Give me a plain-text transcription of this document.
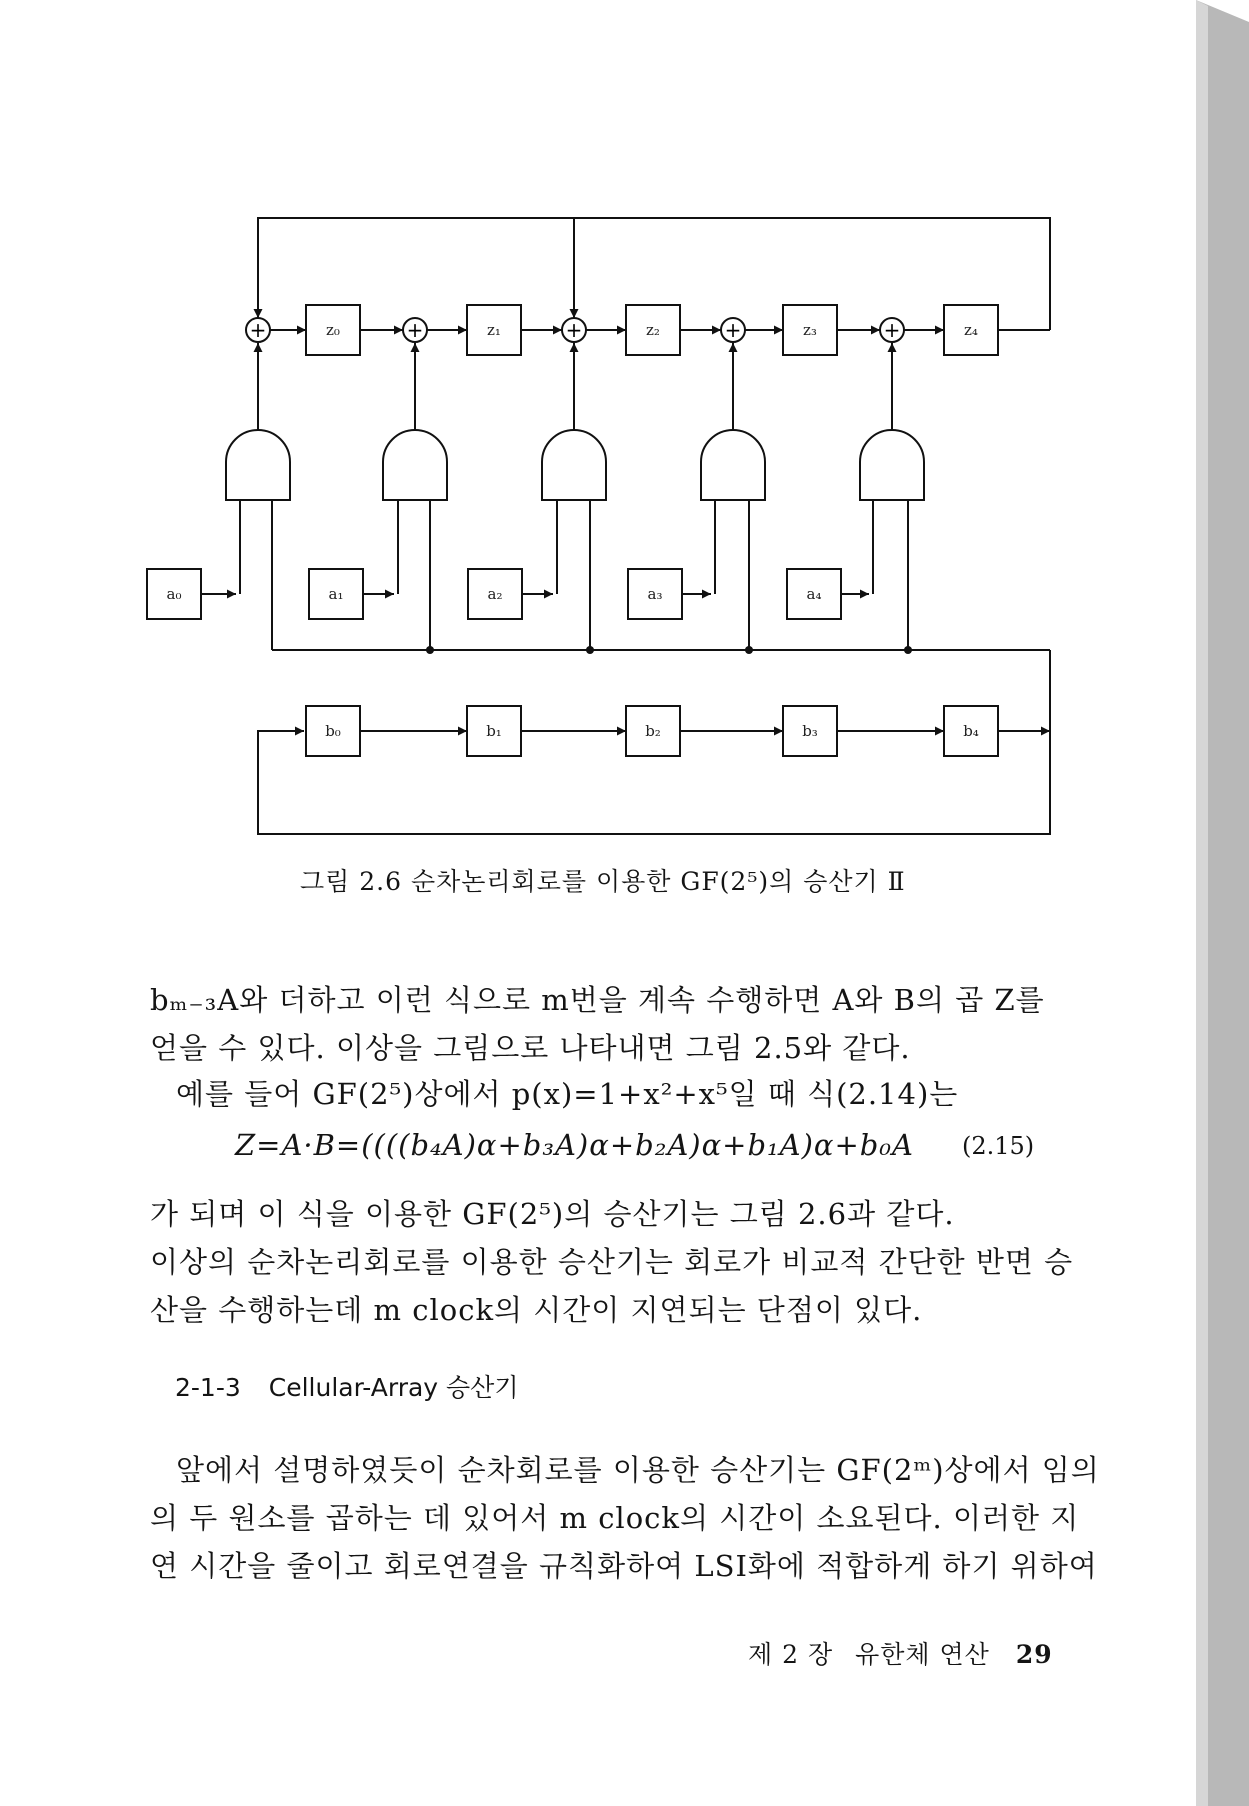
+	z₀
a₀
b₀
+	z₁
a₁
b₁
+	z₂
a₂
b₂
+	z₃
a₃
b₃
+	z₄
a₄
b₄
그림 2.6 순차논리회로를 이용한 GF(2⁵)의 승산기 Ⅱ
bₘ₋₃A와 더하고 이런 식으로 m번을 계속 수행하면 A와 B의 곱 Z를
얻을 수 있다. 이상을 그림으로 나타내면 그림 2.5와 같다.
예를 들어 GF(2⁵)상에서 p(x)=1+x²+x⁵일 때 식(2.14)는
Z=A·B=((((b₄A)α+b₃A)α+b₂A)α+b₁A)α+b₀A (2.15)
가 되며 이 식을 이용한 GF(2⁵)의 승산기는 그림 2.6과 같다.
이상의 순차논리회로를 이용한 승산기는 회로가 비교적 간단한 반면 승
산을 수행하는데 m clock의 시간이 지연되는 단점이 있다.
2-1-3 Cellular-Array 승산기
앞에서 설명하였듯이 순차회로를 이용한 승산기는 GF(2ᵐ)상에서 임의
의 두 원소를 곱하는 데 있어서 m clock의 시간이 소요된다. 이러한 지
연 시간을 줄이고 회로연결을 규칙화하여 LSI화에 적합하게 하기 위하여
제 2 장 유한체 연산 29
